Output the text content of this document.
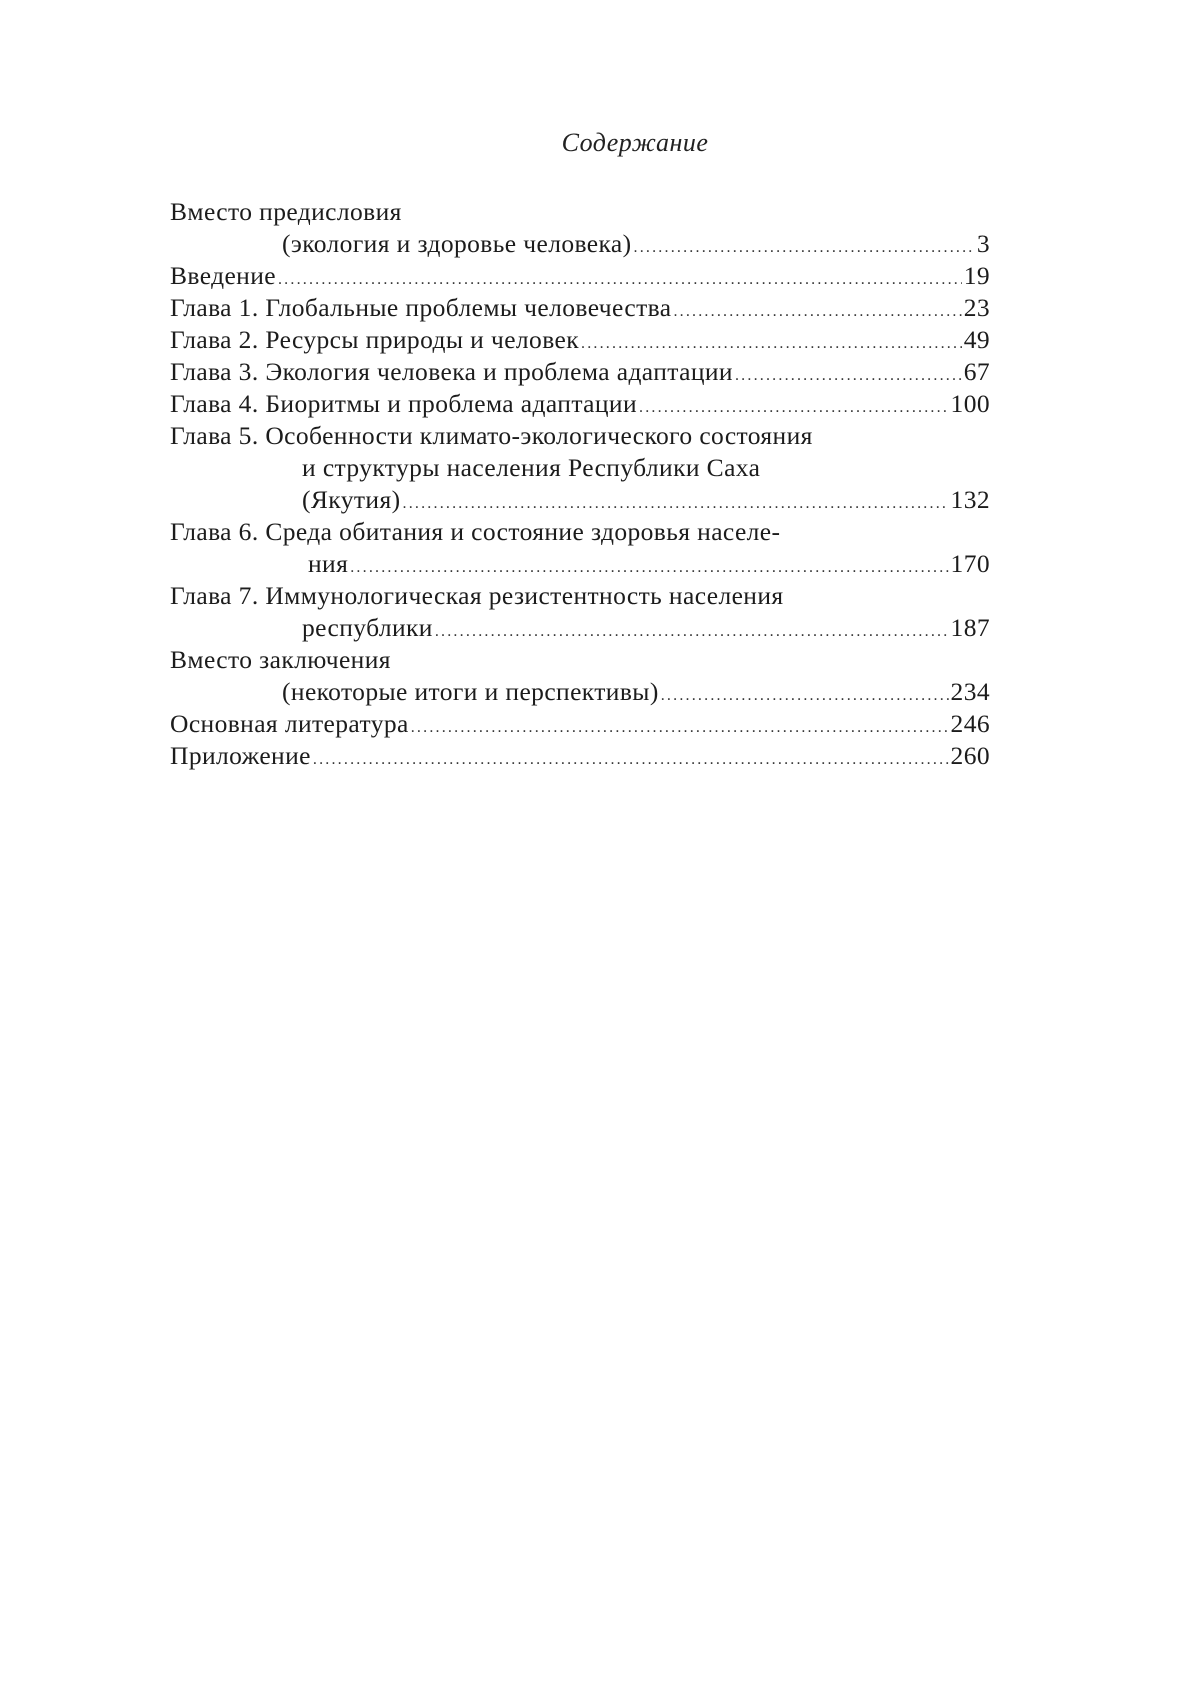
Содержание
Вместо предисловия
(экология и здоровье человека) .....	3
Введение .....	19
Глава 1. Глобальные проблемы человечества .....	23
Глава 2. Ресурсы природы и человек .....	49
Глава 3. Экология человека и проблема адаптации .....	67
Глава 4. Биоритмы и проблема адаптации .....	100
Глава 5. Особенности климато-экологического состояния
и структуры населения Республики Саха
(Якутия) .....	132
Глава 6. Среда обитания и состояние здоровья населе-
ния .....	170
Глава 7. Иммунологическая резистентность населения
республики .....	187
Вместо заключения
(некоторые итоги и перспективы) .....	234
Основная литература .....	246
Приложение .....	260
